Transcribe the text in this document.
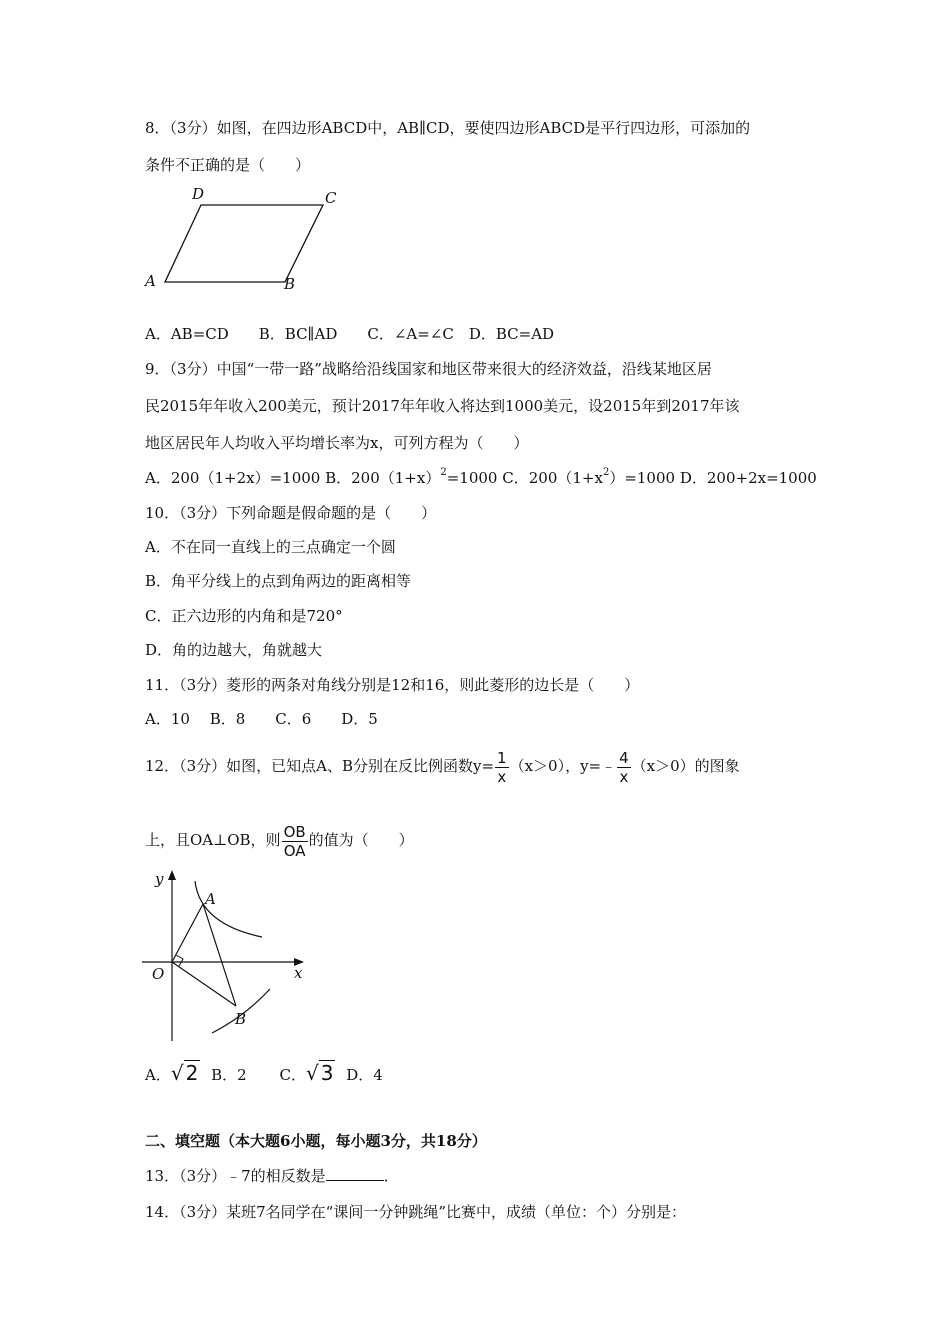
8．（3分）如图，在四边形ABCD中，AB∥CD，要使四边形ABCD是平行四边形，可添加的
条件不正确的是（　　）
D	C
A	B
A．AB=CD　　B．BC∥AD　　C．∠A=∠C　D．BC=AD
9．（3分）中国“一带一路”战略给沿线国家和地区带来很大的经济效益，沿线某地区居
民2015年年收入200美元，预计2017年年收入将达到1000美元，设2015年到2017年该
地区居民年人均收入平均增长率为x，可列方程为（　　）
A．200（1+2x）=1000 B．$200(1+x)^2=1000$ C．$200(1+x^2)=1000$ D．200+2x=1000
10．（3分）下列命题是假命题的是（　　）
A．不在同一直线上的三点确定一个圆
B．角平分线上的点到角两边的距离相等
C．正六边形的内角和是720°
D．角的边越大，角就越大
11．（3分）菱形的两条对角线分别是12和16，则此菱形的边长是（　　）
A．10　 B．8　　C．6　　D．5
12．（3分）如图，已知点A、B分别在反比例函数$y= \frac{1}{x} (x>0)$，y=﹣ $\frac{4}{x} (x>0)$的图象
上，且OA⊥OB，则 $\frac{OB}{OA}$ 的值为（　　）
y
x
O
A
B
A．√ 2 B．2 C．√ 3 D．4
二、填空题（本大题6小题，每小题3分，共18分）
13．（3分）﹣7的相反数是	．
14．（3分）某班7名同学在“课间一分钟跳绳”比赛中，成绩（单位：个）分别是：
